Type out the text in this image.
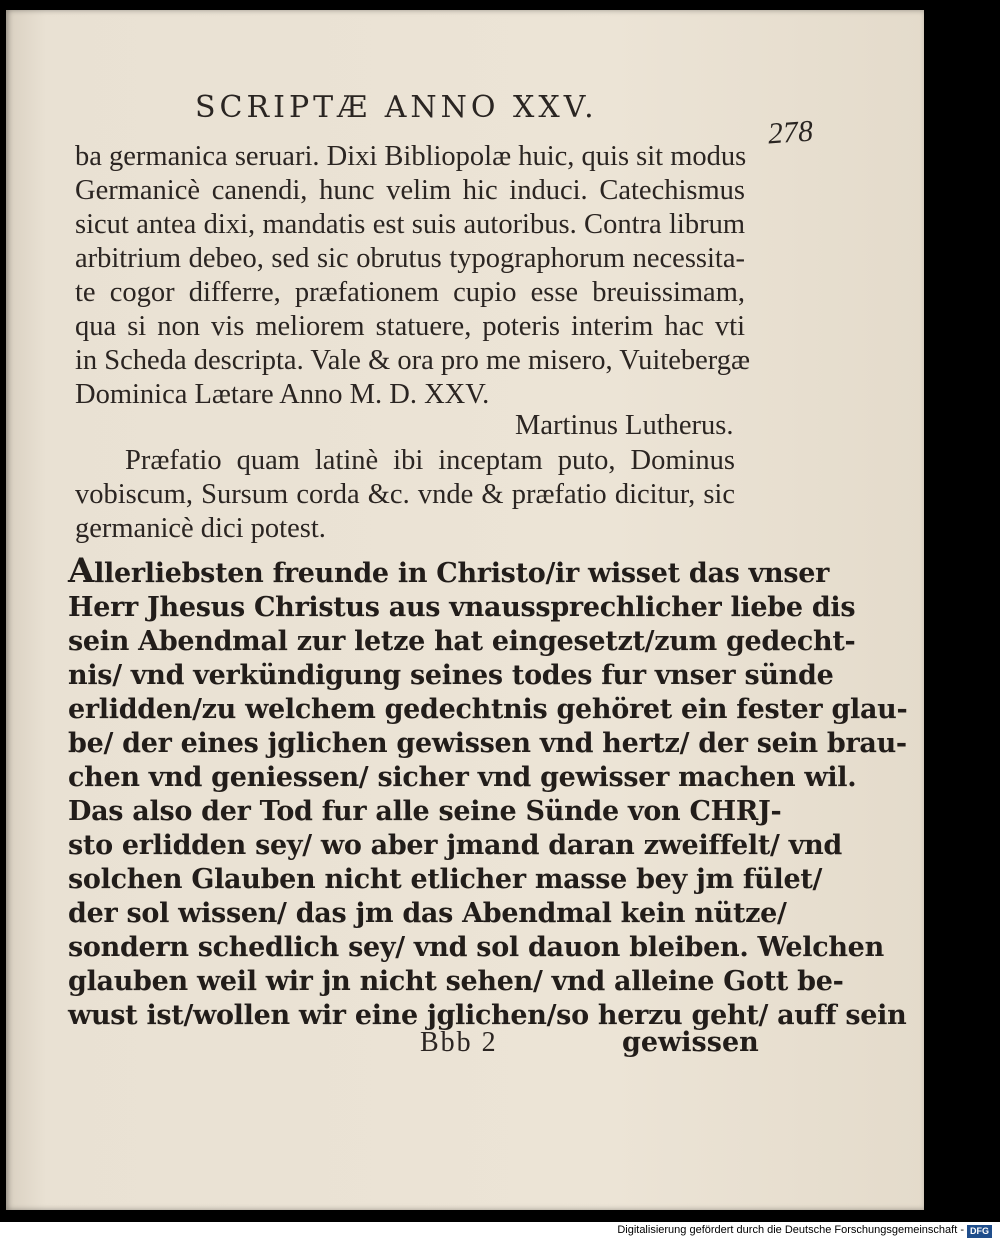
SCRIPTÆ ANNO XXV.
278
ba germanica seruari. Dixi Bibliopolæ huic, quis sit modus
Germanicè canendi, hunc velim hic induci. Catechismus
sicut antea dixi, mandatis est suis autoribus. Contra librum
arbitrium debeo, sed sic obrutus typographorum necessita-
te cogor differre, præfationem cupio esse breuissimam,
qua si non vis meliorem statuere, poteris interim hac vti
in Scheda descripta. Vale & ora pro me misero, Vuitebergæ
Dominica Lætare Anno M. D. XXV.
Martinus Lutherus.
Præfatio quam latinè ibi inceptam puto, Dominus
vobiscum, Sursum corda &c. vnde & præfatio dicitur, sic
germanicè dici potest.
Allerliebsten freunde in Christo/ir wisset das vnser
Herr Jhesus Christus aus vnaussprechlicher liebe dis
sein Abendmal zur letze hat eingesetzt/zum gedecht-
nis/ vnd verkündigung seines todes fur vnser sünde
erlidden/zu welchem gedechtnis gehöret ein fester glau-
be/ der eines jglichen gewissen vnd hertz/ der sein brau-
chen vnd geniessen/ sicher vnd gewisser machen wil.
Das also der Tod fur alle seine Sünde von CHRJ-
sto erlidden sey/ wo aber jmand daran zweiffelt/ vnd
solchen Glauben nicht etlicher masse bey jm fület/
der sol wissen/ das jm das Abendmal kein nütze/
sondern schedlich sey/ vnd sol dauon bleiben. Welchen
glauben weil wir jn nicht sehen/ vnd alleine Gott be-
wust ist/wollen wir eine jglichen/so herzu geht/ auff sein
Bbb 2	gewissen
Digitalisierung gefördert durch die Deutsche Forschungsgemeinschaft - DFG
